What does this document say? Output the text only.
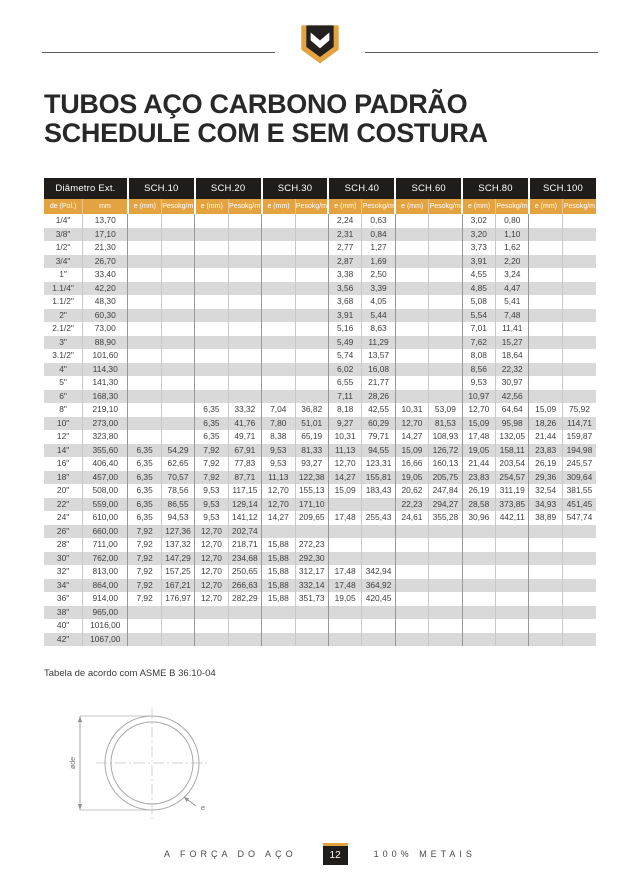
TUBOS AÇO CARBONO PADRÃO
SCHEDULE COM E SEM COSTURA
Diâmetro Ext.		SCH.10		SCH.20		SCH.30		SCH.40		SCH.60		SCH.80		SCH.100	
de (Pol.)	mm	e (mm)	Pesokg/m	e (mm)	Pesokg/m	e (mm)	Pesokg/m	e (mm)	Pesokg/m	e (mm)	Pesokg/m	e (mm)	Pesokg/m	e (mm)	Pesokg/m
1/4"	13,70							2,24	0,63			3,02	0,80		
3/8"	17,10							2,31	0,84			3,20	1,10		
1/2"	21,30							2,77	1,27			3,73	1,62		
3/4"	26,70							2,87	1,69			3,91	2,20		
1"	33,40							3,38	2,50			4,55	3,24		
1.1/4"	42,20							3,56	3,39			4,85	4,47		
1.1/2"	48,30							3,68	4,05			5,08	5,41		
2"	60,30							3,91	5,44			5,54	7,48		
2.1/2"	73,00							5,16	8,63			7,01	11,41		
3"	88,90							5,49	11,29			7,62	15,27		
3.1/2"	101,60							5,74	13,57			8,08	18,64		
4"	114,30							6,02	16,08			8,56	22,32		
5"	141,30							6,55	21,77			9,53	30,97		
6"	168,30							7,11	28,26			10,97	42,56		
8"	219,10			6,35	33,32	7,04	36,82	8,18	42,55	10,31	53,09	12,70	64,64	15,09	75,92
10"	273,00			6,35	41,76	7,80	51,01	9,27	60,29	12,70	81,53	15,09	95,98	18,26	114,71
12"	323,80			6,35	49,71	8,38	65,19	10,31	79,71	14,27	108,93	17,48	132,05	21,44	159,87
14"	355,60	6,35	54,29	7,92	67,91	9,53	81,33	11,13	94,55	15,09	126,72	19,05	158,11	23,83	194,98
16"	406,40	6,35	62,65	7,92	77,83	9,53	93,27	12,70	123,31	16,66	160,13	21,44	203,54	26,19	245,57
18"	457,00	6,35	70,57	7,92	87,71	11,13	122,38	14,27	155,81	19,05	205,75	23,83	254,57	29,36	309,64
20"	508,00	6,35	78,56	9,53	117,15	12,70	155,13	15,09	183,43	20,62	247,84	26,19	311,19	32,54	381,55
22"	559,00	6,35	86,55	9,53	129,14	12,70	171,10			22,23	294,27	28,58	373,85	34,93	451,45
24"	610,00	6,35	94,53	9,53	141,12	14,27	209,65	17,48	255,43	24,61	355,28	30,96	442,11	38,89	547,74
26"	660,00	7,92	127,36	12,70	202,74										
28"	711,00	7,92	137,32	12,70	218,71	15,88	272,23								
30"	762,00	7,92	147,29	12,70	234,68	15,88	292,30								
32"	813,00	7,92	157,25	12,70	250,65	15,88	312,17	17,48	342,94						
34"	864,00	7,92	167,21	12,70	266,63	15,88	332,14	17,48	364,92						
36"	914,00	7,92	176,97	12,70	282,29	15,88	351,73	19,05	420,45						
38"	965,00														
40"	1016,00														
42"	1067,00														
Tabela de acordo com ASME B 36.10-04
øde
e
A FORÇA DO AÇO	12	100% METAIS
